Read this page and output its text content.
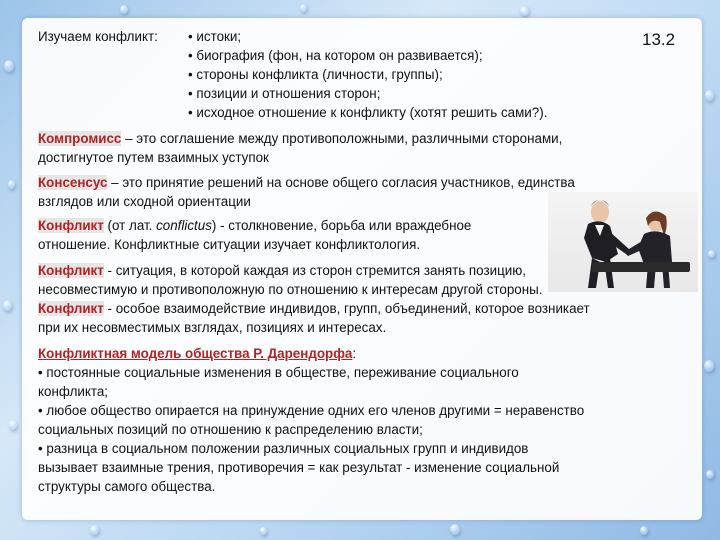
13.2
Изучаем конфликт: • истоки;
• биография (фон, на котором он развивается);
• стороны конфликта (личности, группы);
• позиции и отношения сторон;
• исходное отношение к конфликту (хотят решить сами?).
Компромисс – это соглашение между противоположными, различными сторонами,
достигнутое путем взаимных уступок
Консенсус – это принятие решений на основе общего согласия участников, единства
взглядов или сходной ориентации
Конфликт (от лат. conflictus) - столкновение, борьба или враждебное
отношение. Конфликтные ситуации изучает конфликтология.
Конфликт - ситуация, в которой каждая из сторон стремится занять позицию,
несовместимую и противоположную по отношению к интересам другой стороны.
Конфликт - особое взаимодействие индивидов, групп, объединений, которое возникает
при их несовместимых взглядах, позициях и интересах.
Конфликтная модель общества Р. Дарендорфа:
• постоянные социальные изменения в обществе, переживание социального
конфликта;
• любое общество опирается на принуждение одних его членов другими = неравенство
социальных позиций по отношению к распределению власти;
• разница в социальном положении различных социальных групп и индивидов
вызывает взаимные трения, противоречия = как результат - изменение социальной
структуры самого общества.
